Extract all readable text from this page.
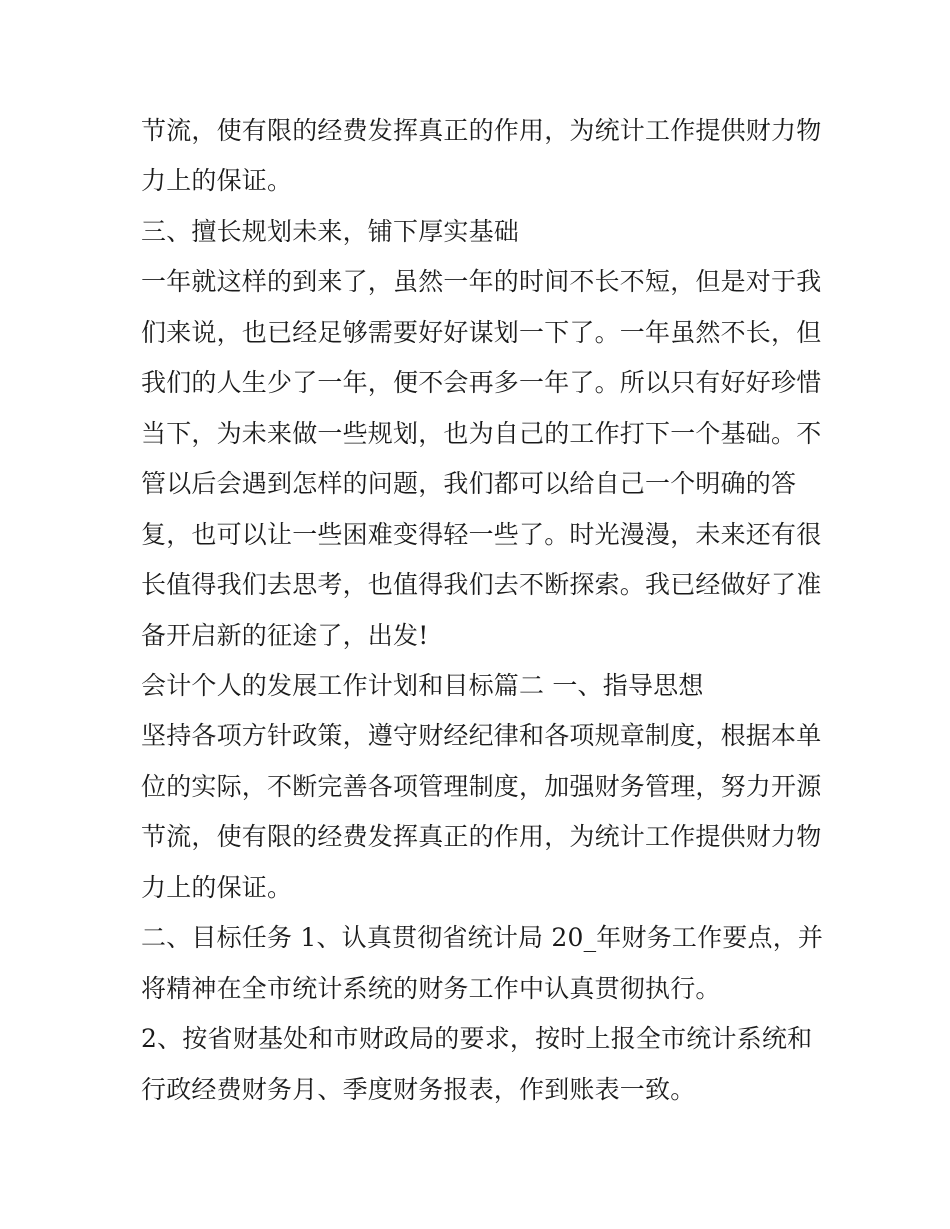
节流，使有限的经费发挥真正的作用，为统计工作提供财力物
力上的保证。
三、擅长规划未来，铺下厚实基础
一年就这样的到来了，虽然一年的时间不长不短，但是对于我
们来说，也已经足够需要好好谋划一下了。一年虽然不长，但
我们的人生少了一年，便不会再多一年了。所以只有好好珍惜
当下，为未来做一些规划，也为自己的工作打下一个基础。不
管以后会遇到怎样的问题，我们都可以给自己一个明确的答
复，也可以让一些困难变得轻一些了。时光漫漫，未来还有很
长值得我们去思考，也值得我们去不断探索。我已经做好了准
备开启新的征途了，出发!
会计个人的发展工作计划和目标篇二 一、指导思想
坚持各项方针政策，遵守财经纪律和各项规章制度，根据本单
位的实际，不断完善各项管理制度，加强财务管理，努力开源
节流，使有限的经费发挥真正的作用，为统计工作提供财力物
力上的保证。
二、目标任务 1、认真贯彻省统计局 20_年财务工作要点，并
将精神在全市统计系统的财务工作中认真贯彻执行。
2、按省财基处和市财政局的要求，按时上报全市统计系统和
行政经费财务月、季度财务报表，作到账表一致。
